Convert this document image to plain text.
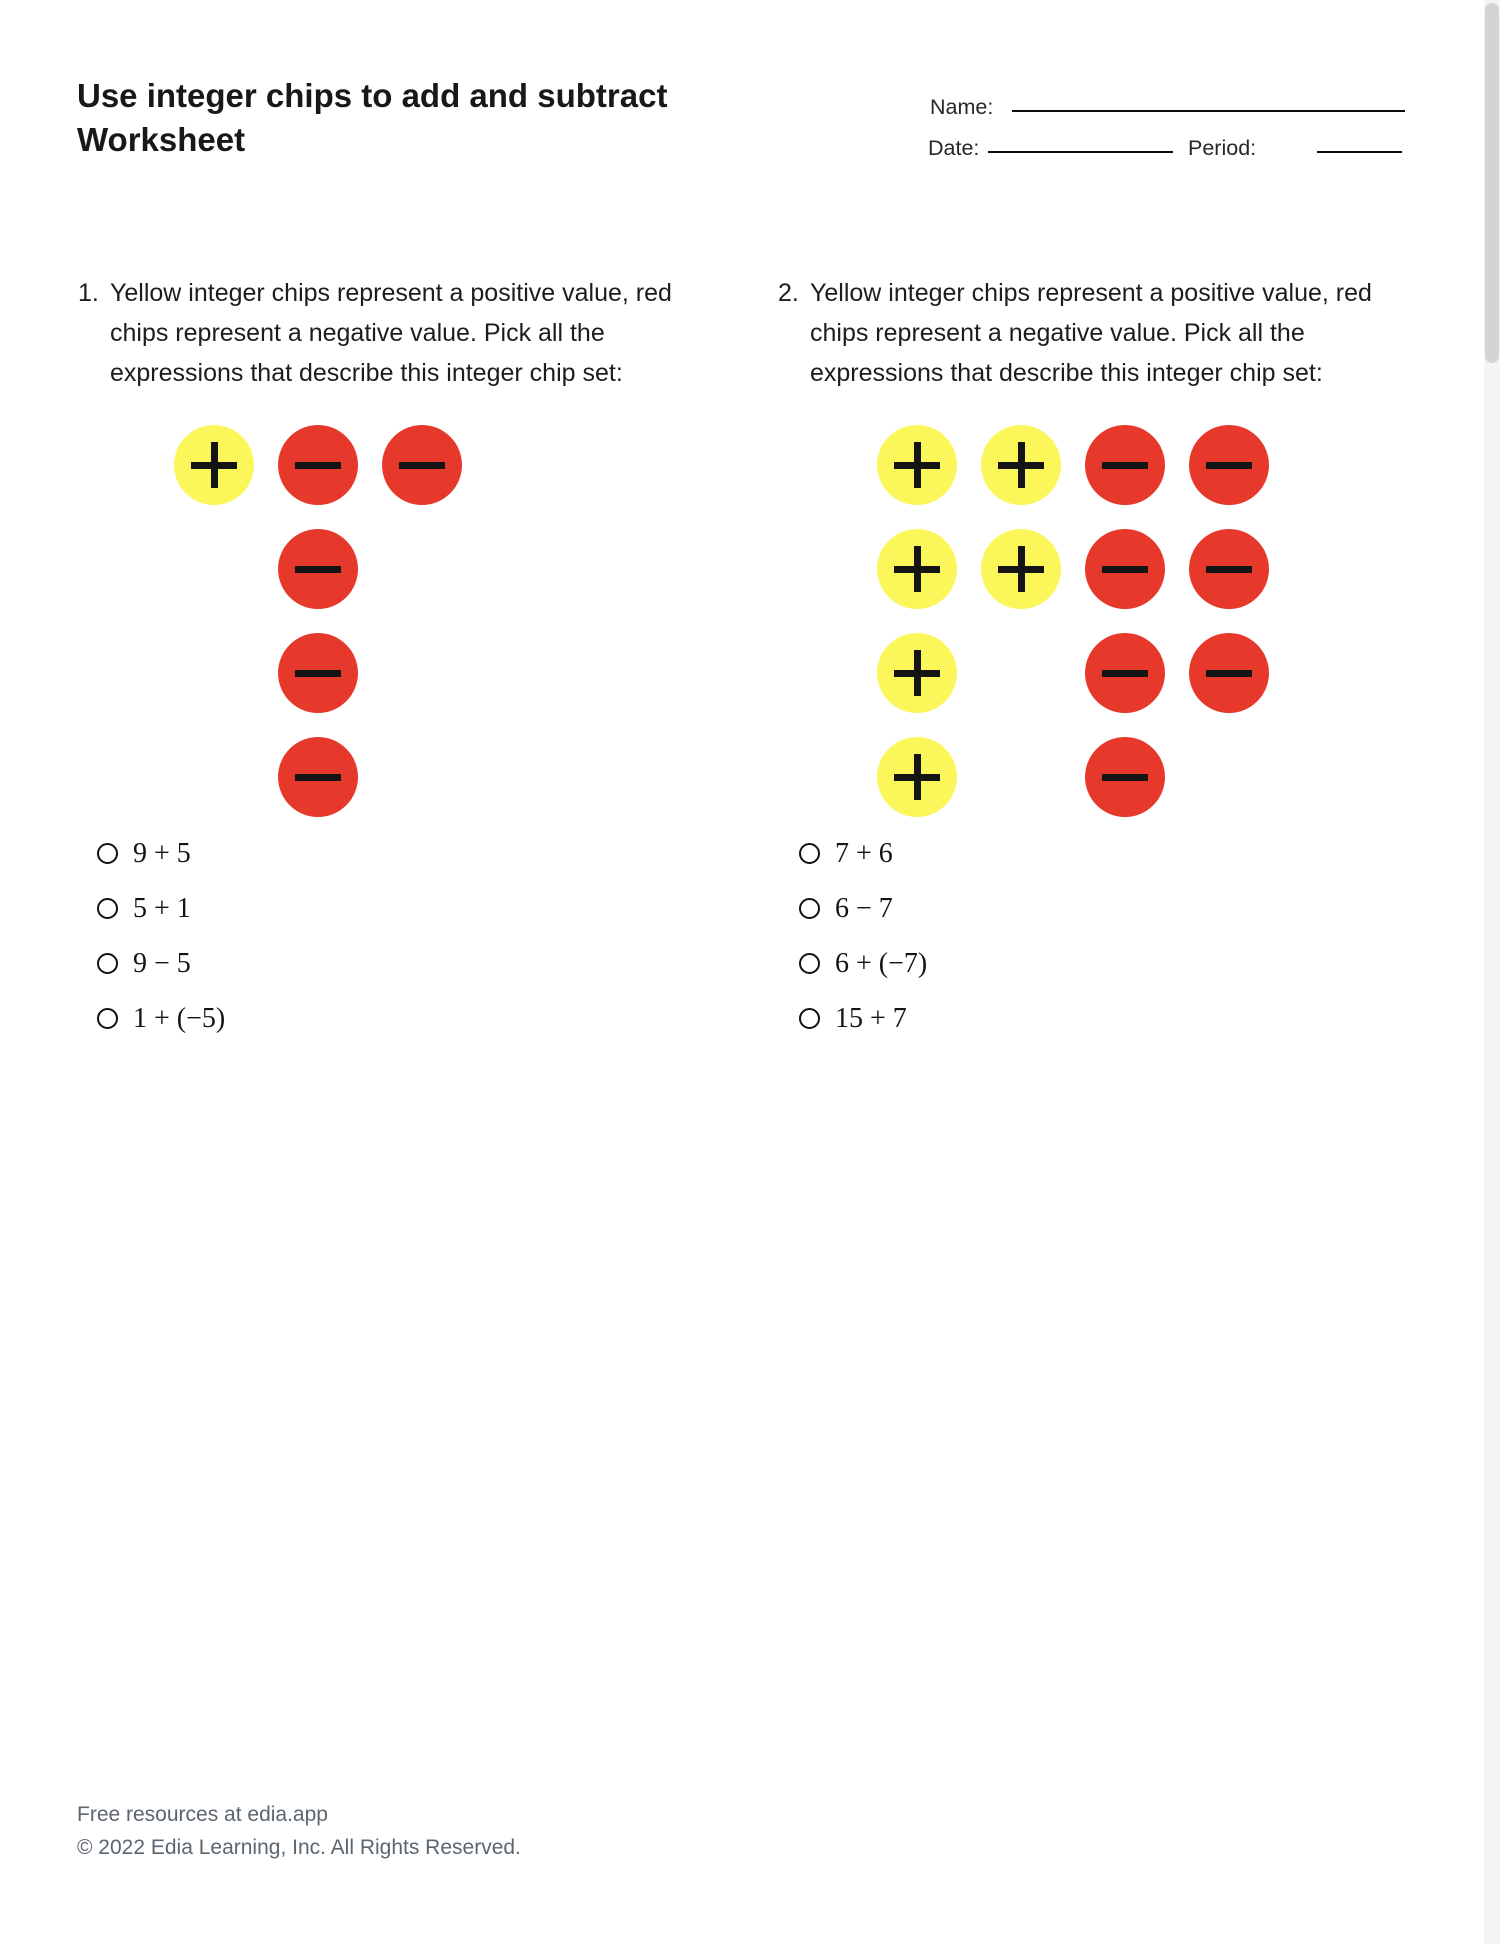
Use integer chips to add and subtract
Worksheet
Name:
Date:	Period:
1. Yellow integer chips represent a positive value, red chips represent a negative value. Pick all the expressions that describe this integer chip set:
9 + 5
5 + 1
9 − 5
1 + (−5)
2. Yellow integer chips represent a positive value, red chips represent a negative value. Pick all the expressions that describe this integer chip set:
7 + 6
6 − 7
6 + (−7)
15 + 7
Free resources at edia.app
© 2022 Edia Learning, Inc. All Rights Reserved.
